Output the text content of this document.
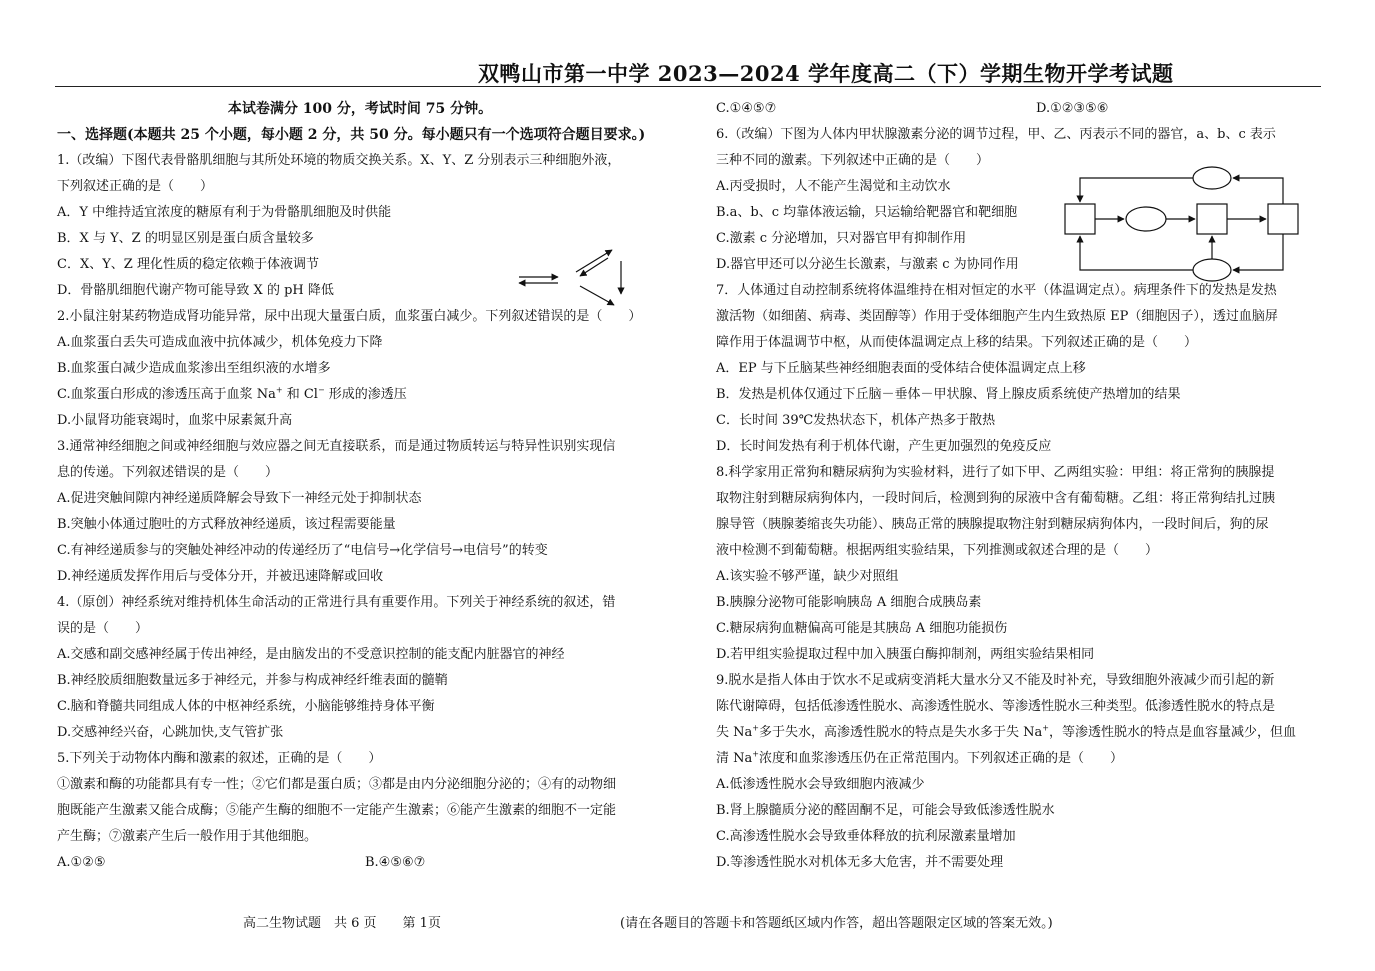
双鸭山市第一中学 2023—2024 学年度高二（下）学期生物开学考试题

本试卷满分 100 分，考试时间 75 分钟。

一、选择题(本题共 25 个小题，每小题 2 分，共 50 分。每小题只有一个选项符合题目要求。)

1.（改编）下图代表骨骼肌细胞与其所处环境的物质交换关系。X、Y、Z 分别表示三种细胞外液，

下列叙述正确的是（　　）

A．Y 中维持适宜浓度的糖原有利于为骨骼肌细胞及时供能

B．X 与 Y、Z 的明显区别是蛋白质含量较多

C．X、Y、Z 理化性质的稳定依赖于体液调节

D．骨骼肌细胞代谢产物可能导致 X 的 pH 降低

2.小鼠注射某药物造成肾功能异常，尿中出现大量蛋白质，血浆蛋白减少。下列叙述错误的是（　　）

A.血浆蛋白丢失可造成血液中抗体减少，机体免疫力下降

B.血浆蛋白减少造成血浆渗出至组织液的水增多

C.血浆蛋白形成的渗透压高于血浆 Na+ 和 Cl− 形成的渗透压

D.小鼠肾功能衰竭时，血浆中尿素氮升高

3.通常神经细胞之间或神经细胞与效应器之间无直接联系，而是通过物质转运与特异性识别实现信

息的传递。下列叙述错误的是（　　）

A.促进突触间隙内神经递质降解会导致下一神经元处于抑制状态

B.突触小体通过胞吐的方式释放神经递质，该过程需要能量

C.有神经递质参与的突触处神经冲动的传递经历了“电信号→化学信号→电信号”的转变

D.神经递质发挥作用后与受体分开，并被迅速降解或回收

4.（原创）神经系统对维持机体生命活动的正常进行具有重要作用。下列关于神经系统的叙述，错

误的是（　　）

A.交感和副交感神经属于传出神经，是由脑发出的不受意识控制的能支配内脏器官的神经

B.神经胶质细胞数量远多于神经元，并参与构成神经纤维表面的髓鞘

C.脑和脊髓共同组成人体的中枢神经系统，小脑能够维持身体平衡

D.交感神经兴奋，心跳加快,支气管扩张

5.下列关于动物体内酶和激素的叙述，正确的是（　　）

①激素和酶的功能都具有专一性；②它们都是蛋白质；③都是由内分泌细胞分泌的；④有的动物细

胞既能产生激素又能合成酶；⑤能产生酶的细胞不一定能产生激素；⑥能产生激素的细胞不一定能

产生酶；⑦激素产生后一般作用于其他细胞。

A.①②⑤	B.④⑤⑥⑦
C.①④⑤⑦	D.①②③⑤⑥

6.（改编）下图为人体内甲状腺激素分泌的调节过程，甲、乙、丙表示不同的器官，a、b、c 表示

三种不同的激素。下列叙述中正确的是（　　）

A.丙受损时，人不能产生渴觉和主动饮水

B.a、b、c 均靠体液运输，只运输给靶器官和靶细胞

C.激素 c 分泌增加，只对器官甲有抑制作用

D.器官甲还可以分泌生长激素，与激素 c 为协同作用

7．人体通过自动控制系统将体温维持在相对恒定的水平（体温调定点）。病理条件下的发热是发热

激活物（如细菌、病毒、类固醇等）作用于受体细胞产生内生致热原 EP（细胞因子），透过血脑屏

障作用于体温调节中枢，从而使体温调定点上移的结果。下列叙述正确的是（　　）

A．EP 与下丘脑某些神经细胞表面的受体结合使体温调定点上移

B．发热是机体仅通过下丘脑－垂体－甲状腺、肾上腺皮质系统使产热增加的结果

C．长时间 39℃发热状态下，机体产热多于散热

D．长时间发热有利于机体代谢，产生更加强烈的免疫反应

8.科学家用正常狗和糖尿病狗为实验材料，进行了如下甲、乙两组实验：甲组：将正常狗的胰腺提

取物注射到糖尿病狗体内，一段时间后，检测到狗的尿液中含有葡萄糖。乙组：将正常狗结扎过胰

腺导管（胰腺萎缩丧失功能）、胰岛正常的胰腺提取物注射到糖尿病狗体内，一段时间后，狗的尿

液中检测不到葡萄糖。根据两组实验结果，下列推测或叙述合理的是（　　）

A.该实验不够严谨，缺少对照组

B.胰腺分泌物可能影响胰岛 A 细胞合成胰岛素

C.糖尿病狗血糖偏高可能是其胰岛 A 细胞功能损伤

D.若甲组实验提取过程中加入胰蛋白酶抑制剂，两组实验结果相同

9.脱水是指人体由于饮水不足或病变消耗大量水分又不能及时补充，导致细胞外液减少而引起的新

陈代谢障碍，包括低渗透性脱水、高渗透性脱水、等渗透性脱水三种类型。低渗透性脱水的特点是

失 Na+多于失水，高渗透性脱水的特点是失水多于失 Na+，等渗透性脱水的特点是血容量减少，但血

清 Na+浓度和血浆渗透压仍在正常范围内。下列叙述正确的是（　　）

A.低渗透性脱水会导致细胞内液减少

B.肾上腺髓质分泌的醛固酮不足，可能会导致低渗透性脱水

C.高渗透性脱水会导致垂体释放的抗利尿激素量增加

D.等渗透性脱水对机体无多大危害，并不需要处理

高二生物试题　共 6 页　　第 1页	(请在各题目的答题卡和答题纸区域内作答，超出答题限定区域的答案无效。)
